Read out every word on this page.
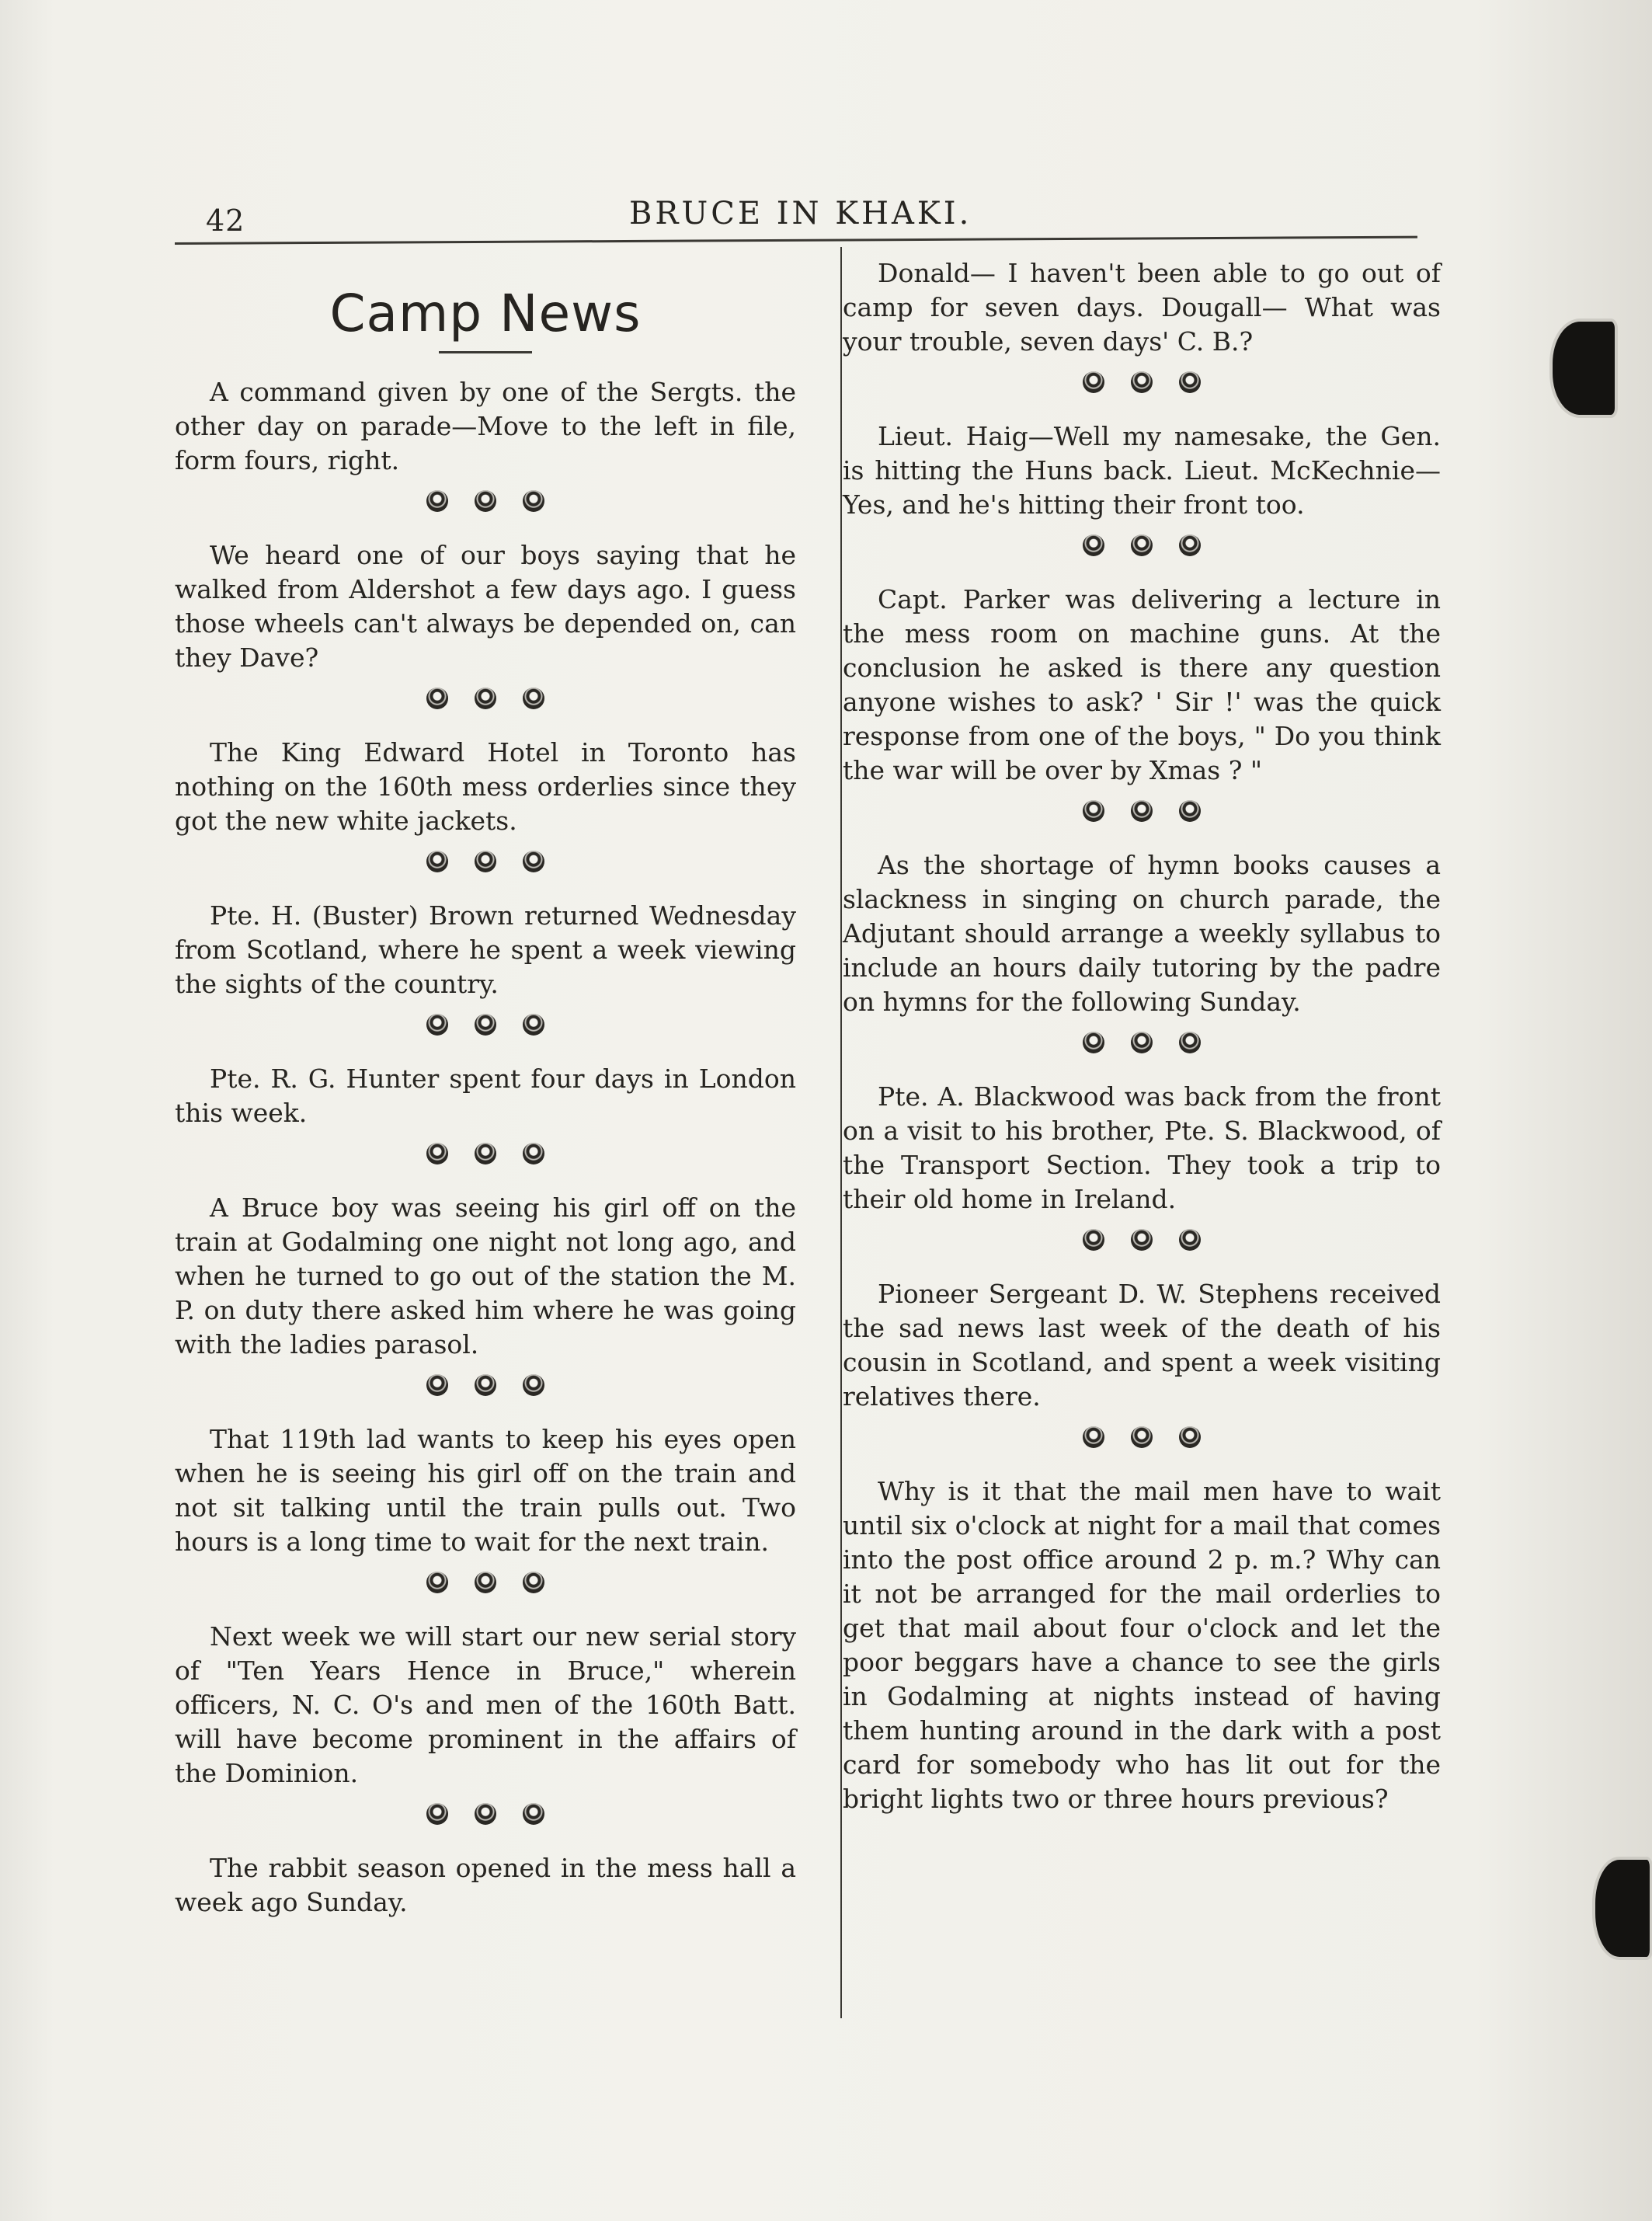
42	BRUCE IN KHAKI.
Camp News

A command given by one of the Sergts. the other day on parade—Move to the left in file, form fours, right.

We heard one of our boys saying that he walked from Aldershot a few days ago. I guess those wheels can't always be depended on, can they Dave?

The King Edward Hotel in Toronto has nothing on the 160th mess orderlies since they got the new white jackets.

Pte. H. (Buster) Brown returned Wednesday from Scotland, where he spent a week viewing the sights of the country.

Pte. R. G. Hunter spent four days in London this week.

A Bruce boy was seeing his girl off on the train at Godalming one night not long ago, and when he turned to go out of the station the M. P. on duty there asked him where he was going with the ladies parasol.

That 119th lad wants to keep his eyes open when he is seeing his girl off on the train and not sit talking until the train pulls out. Two hours is a long time to wait for the next train.

Next week we will start our new serial story of "Ten Years Hence in Bruce," wherein officers, N. C. O's and men of the 160th Batt. will have become prominent in the affairs of the Dominion.

The rabbit season opened in the mess hall a week ago Sunday.

Donald— I haven't been able to go out of camp for seven days. Dougall— What was your trouble, seven days' C. B.?

Lieut. Haig—Well my namesake, the Gen. is hitting the Huns back. Lieut. McKechnie—Yes, and he's hitting their front too.

Capt. Parker was delivering a lecture in the mess room on machine guns. At the conclusion he asked is there any question anyone wishes to ask? ' Sir !' was the quick response from one of the boys, " Do you think the war will be over by Xmas ? "

As the shortage of hymn books causes a slackness in singing on church parade, the Adjutant should arrange a weekly syllabus to include an hours daily tutoring by the padre on hymns for the following Sunday.

Pte. A. Blackwood was back from the front on a visit to his brother, Pte. S. Blackwood, of the Transport Section. They took a trip to their old home in Ireland.

Pioneer Sergeant D. W. Stephens received the sad news last week of the death of his cousin in Scotland, and spent a week visiting relatives there.

Why is it that the mail men have to wait until six o'clock at night for a mail that comes into the post office around 2 p. m.? Why can it not be arranged for the mail orderlies to get that mail about four o'clock and let the poor beggars have a chance to see the girls in Godalming at nights instead of having them hunting around in the dark with a post card for somebody who has lit out for the bright lights two or three hours previous?
